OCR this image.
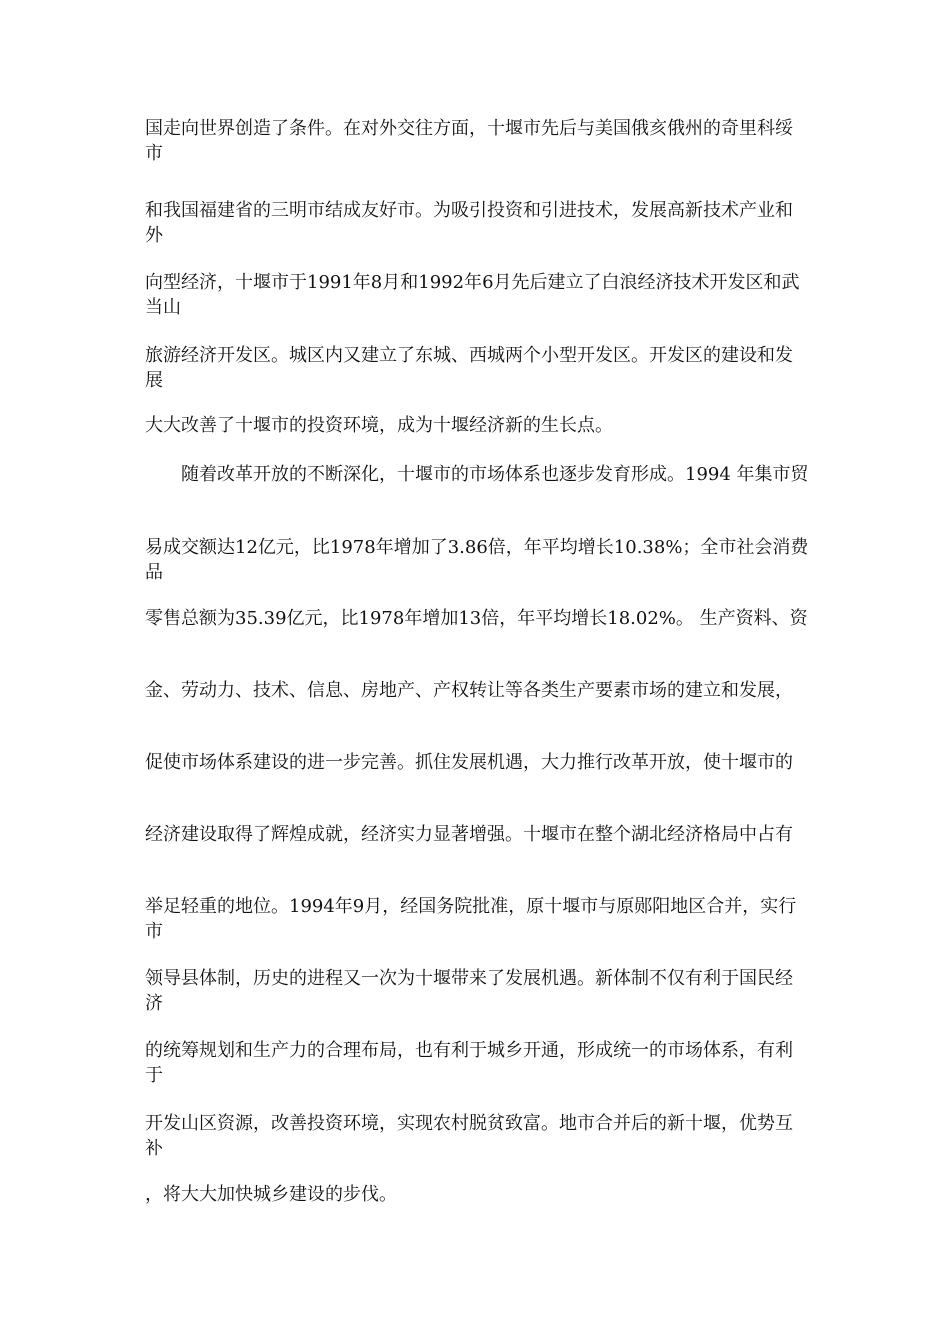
国走向世界创造了条件。在对外交往方面，十堰市先后与美国俄亥俄州的奇里科绥市

和我国福建省的三明市结成友好市。为吸引投资和引进技术，发展高新技术产业和外

向型经济，十堰市于1991年8月和1992年6月先后建立了白浪经济技术开发区和武当山

旅游经济开发区。城区内又建立了东城、西城两个小型开发区。开发区的建设和发展

大大改善了十堰市的投资环境，成为十堰经济新的生长点。

随着改革开放的不断深化，十堰市的市场体系也逐步发育形成。1994 年集市贸

易成交额达12亿元，比1978年增加了3.86倍，年平均增长10.38%；全市社会消费品

零售总额为35.39亿元，比1978年增加13倍，年平均增长18.02%。 生产资料、资

金、劳动力、技术、信息、房地产、产权转让等各类生产要素市场的建立和发展，

促使市场体系建设的进一步完善。抓住发展机遇，大力推行改革开放，使十堰市的

经济建设取得了辉煌成就，经济实力显著增强。十堰市在整个湖北经济格局中占有

举足轻重的地位。1994年9月，经国务院批准，原十堰市与原郧阳地区合并，实行市

领导县体制，历史的进程又一次为十堰带来了发展机遇。新体制不仅有利于国民经济

的统筹规划和生产力的合理布局，也有利于城乡开通，形成统一的市场体系，有利于

开发山区资源，改善投资环境，实现农村脱贫致富。地市合并后的新十堰，优势互补

，将大大加快城乡建设的步伐。
